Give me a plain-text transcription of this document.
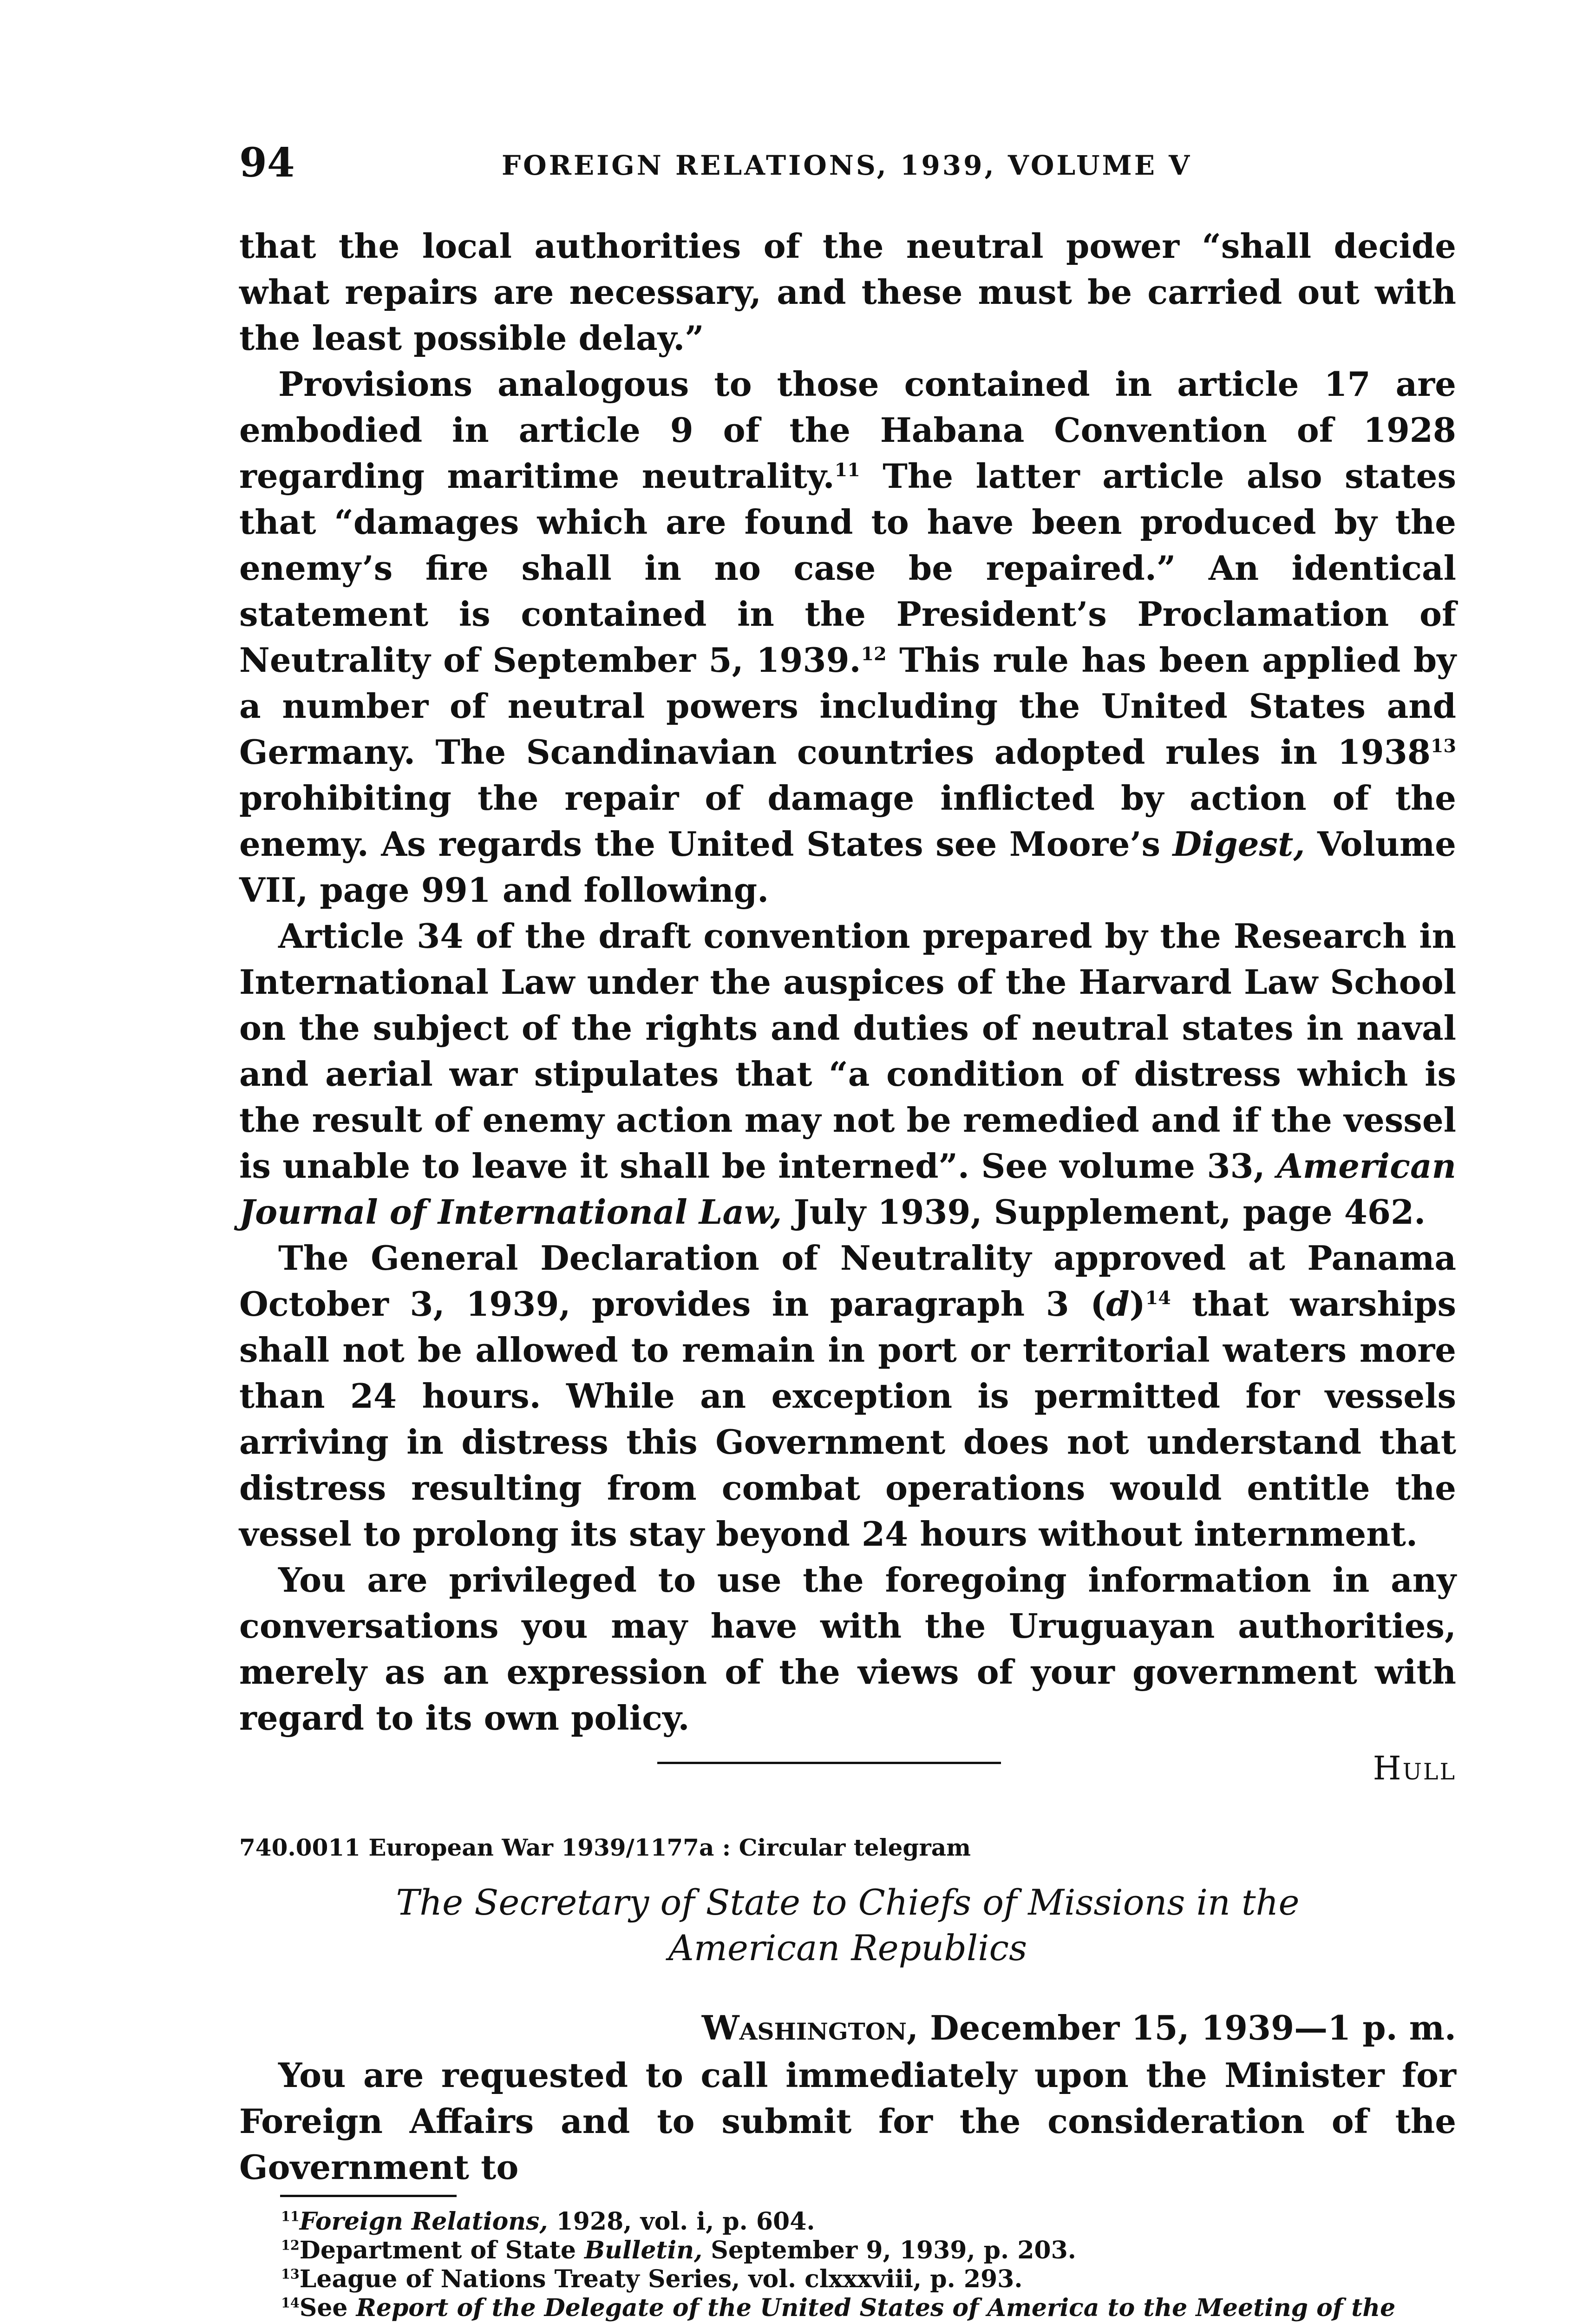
94	FOREIGN RELATIONS, 1939, VOLUME V

that the local authorities of the neutral power “shall decide what repairs are necessary, and these must be carried out with the least possible delay.”

Provisions analogous to those contained in article 17 are embodied in article 9 of the Habana Convention of 1928 regarding maritime neutrality.$^{11}$ The latter article also states that “damages which are found to have been produced by the enemy’s fire shall in no case be repaired.” An identical statement is contained in the President’s Proclamation of Neutrality of September 5, 1939.12 This rule has been applied by a number of neutral powers including the United States and Germany. The Scandinavian countries adopted rules in 1938$^{13}$ prohibiting the repair of damage inflicted by action of the enemy. As regards the United States see Moore’s Digest, Volume VII, page 991 and following.

Article 34 of the draft convention prepared by the Research in International Law under the auspices of the Harvard Law School on the subject of the rights and duties of neutral states in naval and aerial war stipulates that “a condition of distress which is the result of enemy action may not be remedied and if the vessel is unable to leave it shall be interned”. See volume 33, American Journal of International Law, July 1939, Supplement, page 462.

The General Declaration of Neutrality approved at Panama October 3, 1939, provides in paragraph 3 $(d)^{14}$ that warships shall not be allowed to remain in port or territorial waters more than 24 hours. While an exception is permitted for vessels arriving in distress this Government does not understand that distress resulting from combat operations would entitle the vessel to prolong its stay beyond 24 hours without internment.

You are privileged to use the foregoing information in any conversations you may have with the Uruguayan authorities, merely as an expression of the views of your government with regard to its own policy.

Hull

740.0011 European War 1939/1177a : Circular telegram

The Secretary of State to Chiefs of Missions in the American Republics

Washington, December 15, 1939—1 p. m.

You are requested to call immediately upon the Minister for Foreign Affairs and to submit for the consideration of the Government to

$^{11}$Foreign Relations, 1928, vol. i, p. 604.

$^{12}$Department of State Bulletin, September 9, 1939, p. 203.

$^{13}$League of Nations Treaty Series, vol. clxxxviii, p. 293.

$^{14}$See Report of the Delegate of the United States of America to the Meeting of the
